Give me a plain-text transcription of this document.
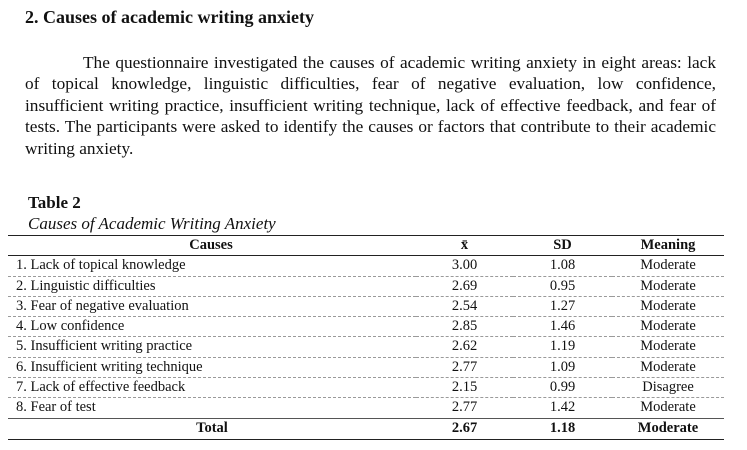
2. Causes of academic writing anxiety

The questionnaire investigated the causes of academic writing anxiety in eight areas: lack of topical knowledge, linguistic difficulties, fear of negative evaluation, low confidence, insufficient writing practice, insufficient writing technique, lack of effective feedback, and fear of tests. The participants were asked to identify the causes or factors that contribute to their academic writing anxiety.

Table 2
Causes of Academic Writing Anxiety
Causes	x̄	SD	Meaning
1. Lack of topical knowledge	3.00	1.08	Moderate
2. Linguistic difficulties	2.69	0.95	Moderate
3. Fear of negative evaluation	2.54	1.27	Moderate
4. Low confidence	2.85	1.46	Moderate
5. Insufficient writing practice	2.62	1.19	Moderate
6. Insufficient writing technique	2.77	1.09	Moderate
7. Lack of effective feedback	2.15	0.99	Disagree
8. Fear of test	2.77	1.42	Moderate
Total	2.67	1.18	Moderate
